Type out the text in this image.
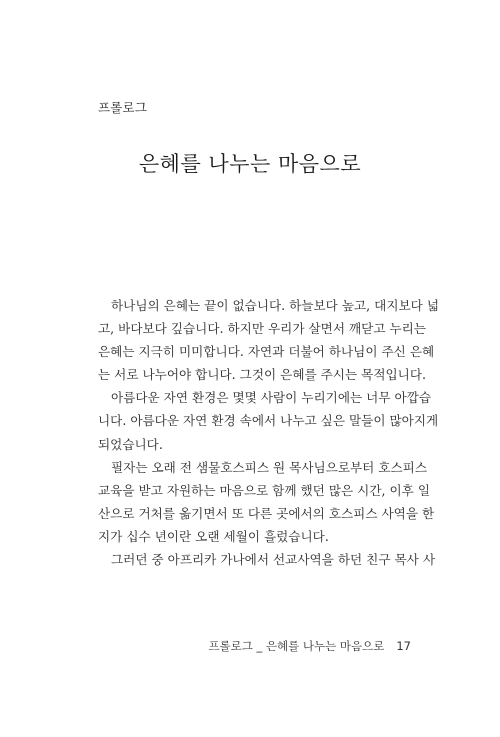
프롤로그
은혜를 나누는 마음으로
하나님의 은혜는 끝이 없습니다. 하늘보다 높고, 대지보다 넓
고, 바다보다 깊습니다. 하지만 우리가 살면서 깨닫고 누리는
은혜는 지극히 미미합니다. 자연과 더불어 하나님이 주신 은혜
는 서로 나누어야 합니다. 그것이 은혜를 주시는 목적입니다.
아름다운 자연 환경은 몇몇 사람이 누리기에는 너무 아깝습
니다. 아름다운 자연 환경 속에서 나누고 싶은 말들이 많아지게
되었습니다.
필자는 오래 전 샘물호스피스 원 목사님으로부터 호스피스
교육을 받고 자원하는 마음으로 함께 했던 많은 시간, 이후 일
산으로 거처를 옮기면서 또 다른 곳에서의 호스피스 사역을 한
지가 십수 년이란 오랜 세월이 흘렀습니다.
그러던 중 아프리카 가나에서 선교사역을 하던 친구 목사 사
프롤로그 _ 은혜를 나누는 마음으로 17
